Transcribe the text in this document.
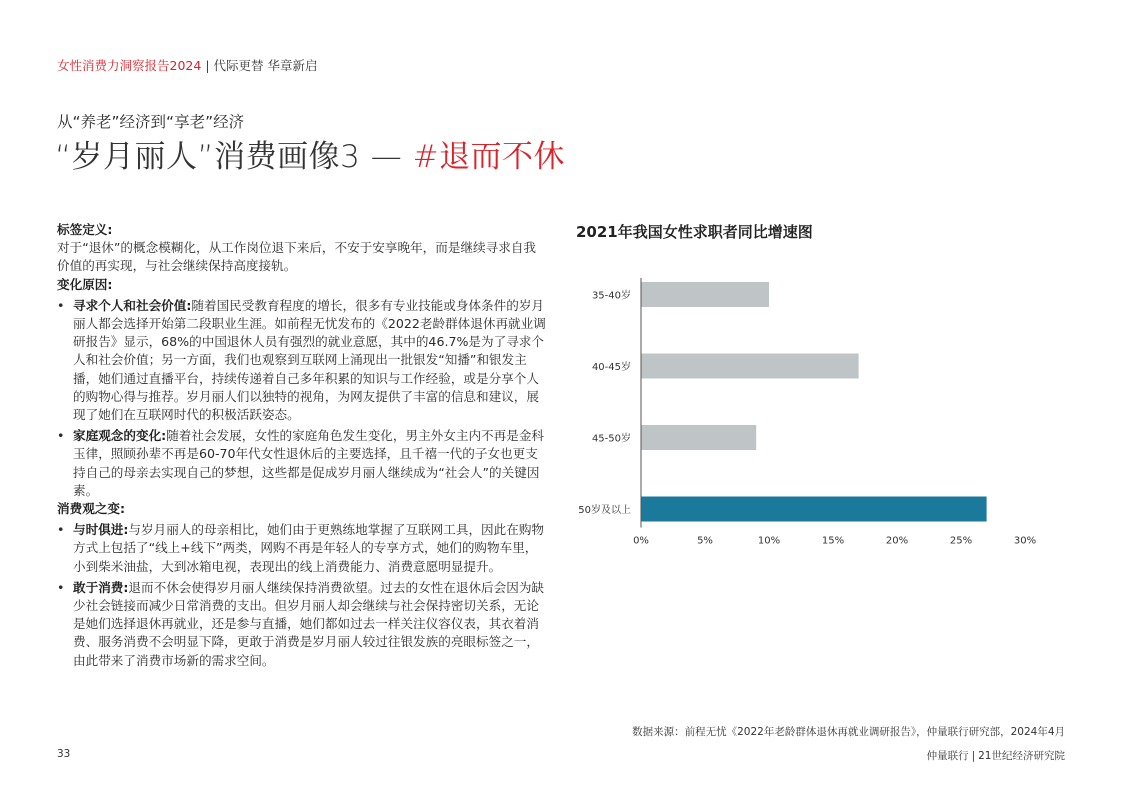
女性消费力洞察报告2024 | 代际更替 华章新启
从“养老”经济到“享老”经济
“岁月丽人”消费画像3 — #退而不休

标签定义:

对于“退休”的概念模糊化，从工作岗位退下来后，不安于安享晚年，而是继续寻求自我价值的再实现，与社会继续保持高度接轨。

变化原因:

• 寻求个人和社会价值:随着国民受教育程度的增长，很多有专业技能或身体条件的岁月丽人都会选择开始第二段职业生涯。如前程无忧发布的《2022老龄群体退休再就业调研报告》显示，68%的中国退休人员有强烈的就业意愿，其中的46.7%是为了寻求个人和社会价值；另一方面，我们也观察到互联网上涌现出一批银发“知播”和银发主播，她们通过直播平台，持续传递着自己多年积累的知识与工作经验，或是分享个人的购物心得与推荐。岁月丽人们以独特的视角，为网友提供了丰富的信息和建议，展现了她们在互联网时代的积极活跃姿态。
• 家庭观念的变化:随着社会发展，女性的家庭角色发生变化，男主外女主内不再是金科玉律，照顾孙辈不再是60-70年代女性退休后的主要选择，且千禧一代的子女也更支持自己的母亲去实现自己的梦想，这些都是促成岁月丽人继续成为“社会人”的关键因素。

消费观之变:

• 与时俱进:与岁月丽人的母亲相比，她们由于更熟练地掌握了互联网工具，因此在购物方式上包括了“线上+线下”两类，网购不再是年轻人的专享方式，她们的购物车里，小到柴米油盐，大到冰箱电视，表现出的线上消费能力、消费意愿明显提升。
• 敢于消费:退而不休会使得岁月丽人继续保持消费欲望。过去的女性在退休后会因为缺少社会链接而减少日常消费的支出。但岁月丽人却会继续与社会保持密切关系，无论是她们选择退休再就业，还是参与直播，她们都如过去一样关注仪容仪表，其衣着消费、服务消费不会明显下降，更敢于消费是岁月丽人较过往银发族的亮眼标签之一，由此带来了消费市场新的需求空间。
2021年我国女性求职者同比增速图
35-40岁
40-45岁
45-50岁
50岁及以上
0%	5%	10%	15%	20%	25%	30%
数据来源：前程无忧《2022年老龄群体退休再就业调研报告》，仲量联行研究部，2024年4月
33	仲量联行 | 21世纪经济研究院
